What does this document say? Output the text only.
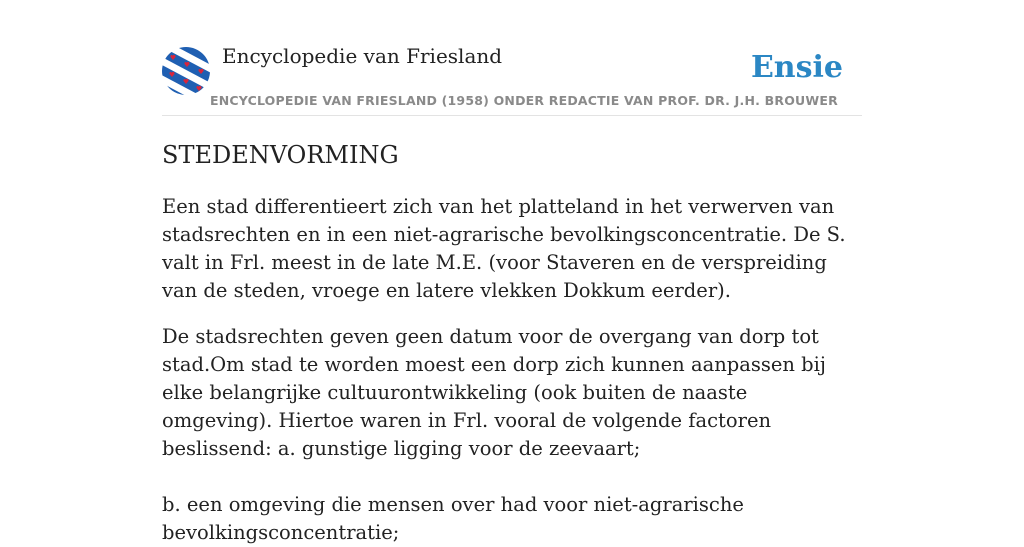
Encyclopedie van Friesland
ENCYCLOPEDIE VAN FRIESLAND (1958) ONDER REDACTIE VAN PROF. DR. J.H. BROUWER
Ensie
STEDENVORMING

Een stad differentieert zich van het platteland in het verwerven van stadsrechten en in een niet-agrarische bevolkingsconcentratie. De S. valt in Frl. meest in de late M.E. (voor Staveren en de verspreiding van de steden, vroege en latere vlekken Dokkum eerder).

De stadsrechten geven geen datum voor de overgang van dorp tot stad.Om stad te worden moest een dorp zich kunnen aanpassen bij elke belangrijke cultuurontwikkeling (ook buiten de naaste omgeving). Hiertoe waren in Frl. vooral de volgende factoren beslissend: a. gunstige ligging voor de zeevaart;

b. een omgeving die mensen over had voor niet-agrarische bevolkingsconcentratie;
